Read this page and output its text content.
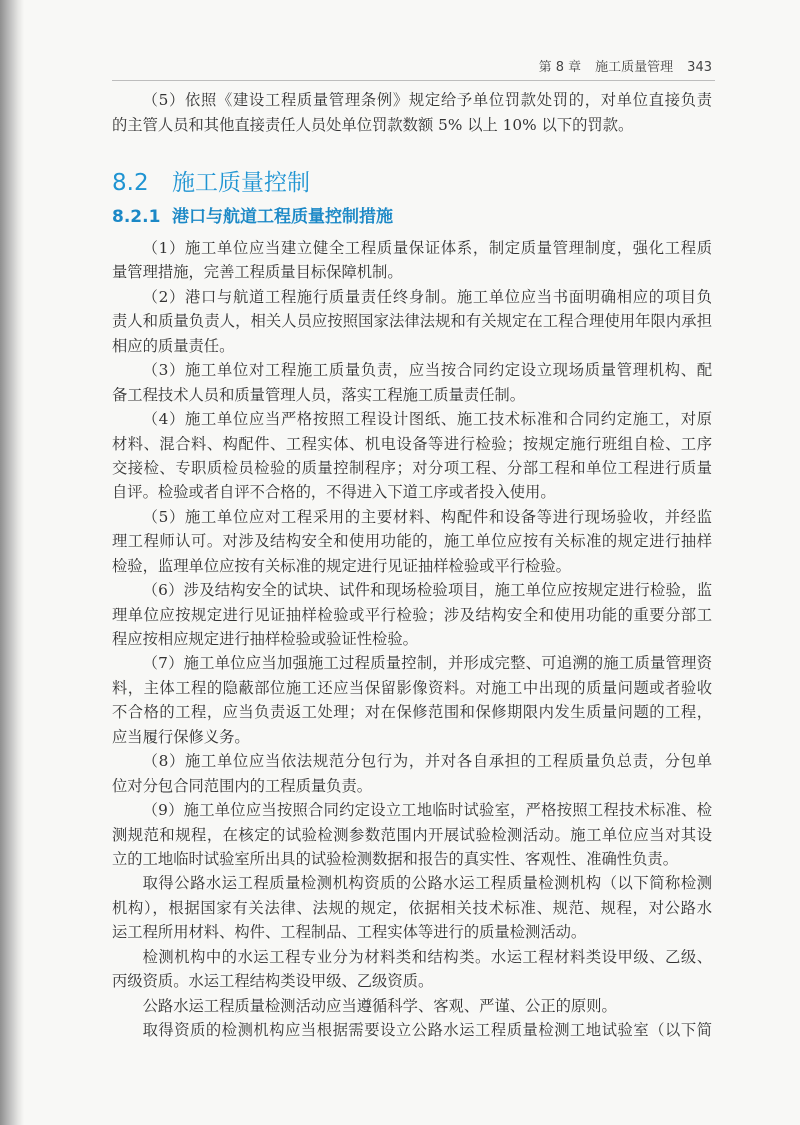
第 8 章 施工质量管理 343
（5）依照《建设工程质量管理条例》规定给予单位罚款处罚的，对单位直接负责
的主管人员和其他直接责任人员处单位罚款数额 5% 以上 10% 以下的罚款。
8.2 施工质量控制
8.2.1 港口与航道工程质量控制措施
（1）施工单位应当建立健全工程质量保证体系，制定质量管理制度，强化工程质
量管理措施，完善工程质量目标保障机制。
（2）港口与航道工程施行质量责任终身制。施工单位应当书面明确相应的项目负
责人和质量负责人，相关人员应按照国家法律法规和有关规定在工程合理使用年限内承担
相应的质量责任。
（3）施工单位对工程施工质量负责，应当按合同约定设立现场质量管理机构、配
备工程技术人员和质量管理人员，落实工程施工质量责任制。
（4）施工单位应当严格按照工程设计图纸、施工技术标准和合同约定施工，对原
材料、混合料、构配件、工程实体、机电设备等进行检验；按规定施行班组自检、工序
交接检、专职质检员检验的质量控制程序；对分项工程、分部工程和单位工程进行质量
自评。检验或者自评不合格的，不得进入下道工序或者投入使用。
（5）施工单位应对工程采用的主要材料、构配件和设备等进行现场验收，并经监
理工程师认可。对涉及结构安全和使用功能的，施工单位应按有关标准的规定进行抽样
检验，监理单位应按有关标准的规定进行见证抽样检验或平行检验。
（6）涉及结构安全的试块、试件和现场检验项目，施工单位应按规定进行检验，监
理单位应按规定进行见证抽样检验或平行检验；涉及结构安全和使用功能的重要分部工
程应按相应规定进行抽样检验或验证性检验。
（7）施工单位应当加强施工过程质量控制，并形成完整、可追溯的施工质量管理资
料，主体工程的隐蔽部位施工还应当保留影像资料。对施工中出现的质量问题或者验收
不合格的工程，应当负责返工处理；对在保修范围和保修期限内发生质量问题的工程，
应当履行保修义务。
（8）施工单位应当依法规范分包行为，并对各自承担的工程质量负总责，分包单
位对分包合同范围内的工程质量负责。
（9）施工单位应当按照合同约定设立工地临时试验室，严格按照工程技术标准、检
测规范和规程，在核定的试验检测参数范围内开展试验检测活动。施工单位应当对其设
立的工地临时试验室所出具的试验检测数据和报告的真实性、客观性、准确性负责。
取得公路水运工程质量检测机构资质的公路水运工程质量检测机构（以下简称检测
机构），根据国家有关法律、法规的规定，依据相关技术标准、规范、规程，对公路水
运工程所用材料、构件、工程制品、工程实体等进行的质量检测活动。
检测机构中的水运工程专业分为材料类和结构类。水运工程材料类设甲级、乙级、
丙级资质。水运工程结构类设甲级、乙级资质。
公路水运工程质量检测活动应当遵循科学、客观、严谨、公正的原则。
取得资质的检测机构应当根据需要设立公路水运工程质量检测工地试验室（以下简
